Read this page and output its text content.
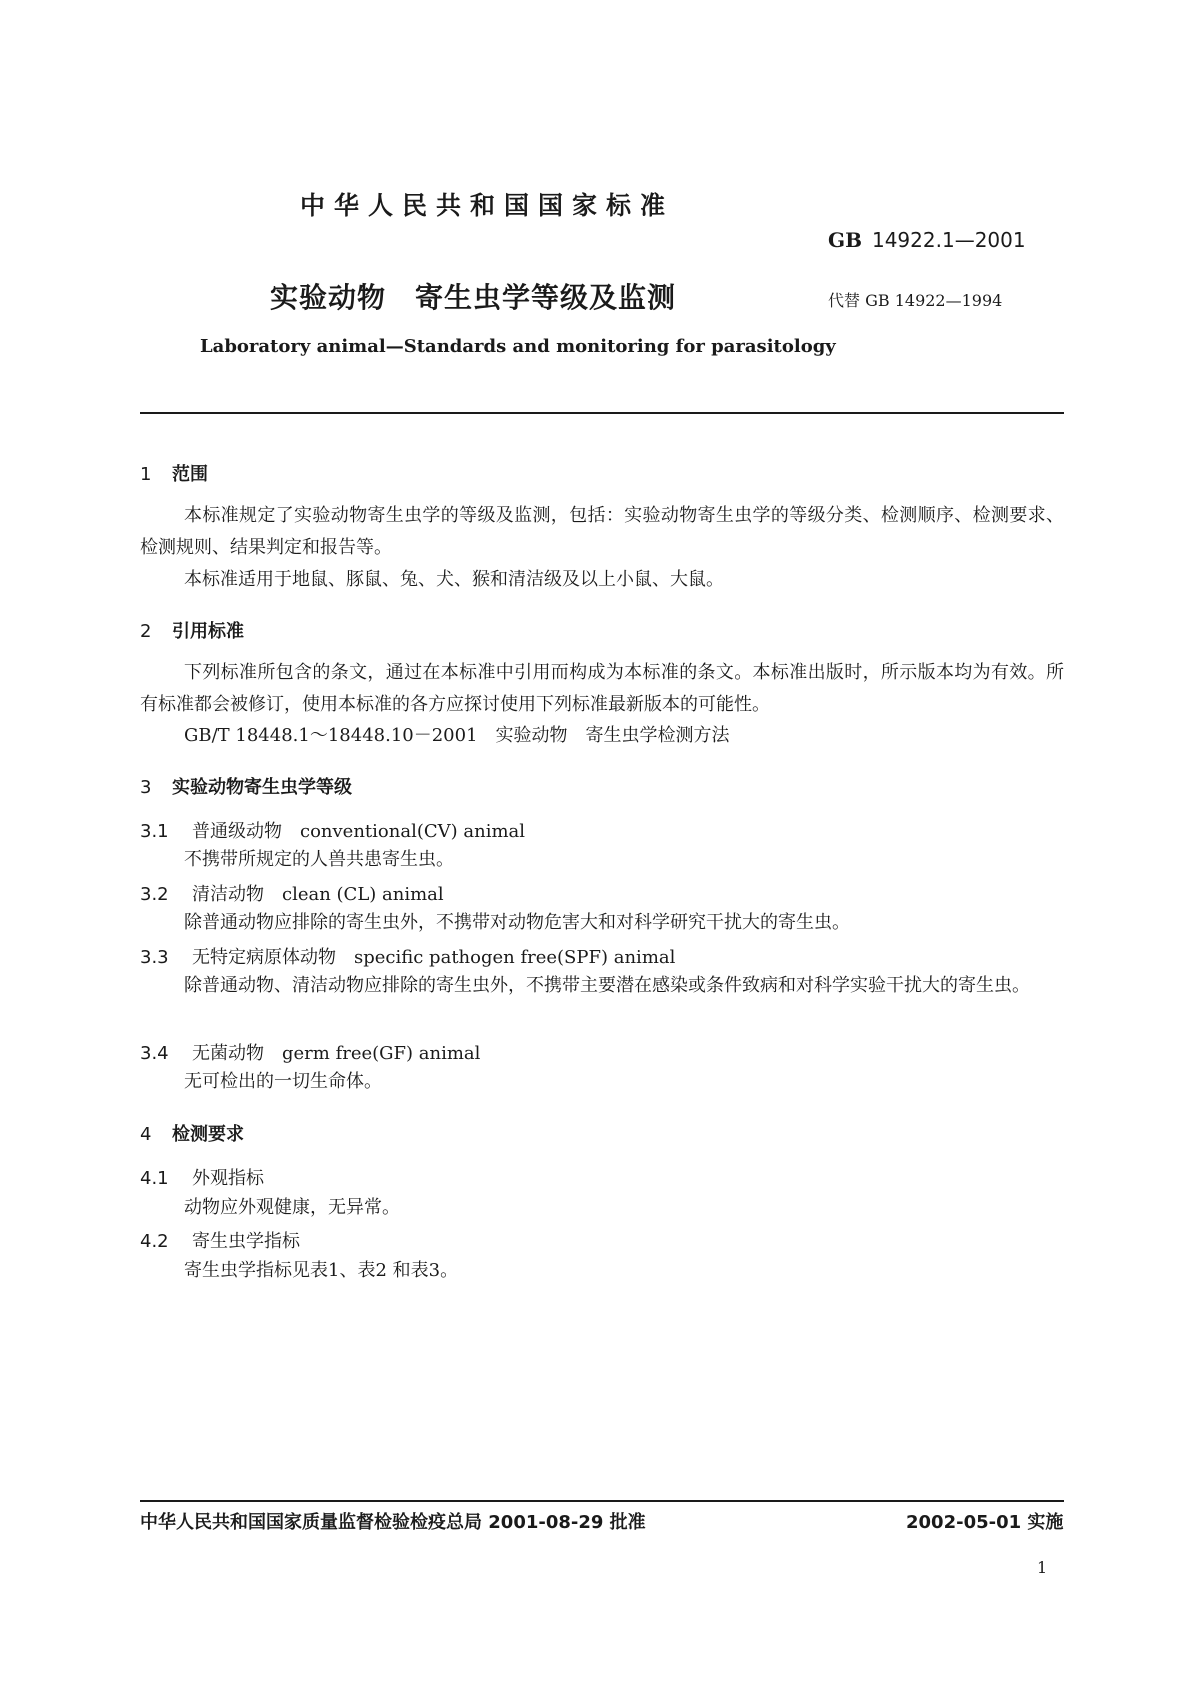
中华人民共和国国家标准
GB 14922.1—2001
实验动物　寄生虫学等级及监测	代替 GB 14922—1994
Laboratory animal—Standards and monitoring for parasitology
1 范围
本标准规定了实验动物寄生虫学的等级及监测，包括：实验动物寄生虫学的等级分类、检测顺序、检测要求、检测规则、结果判定和报告等。
本标准适用于地鼠、豚鼠、兔、犬、猴和清洁级及以上小鼠、大鼠。
2 引用标准
下列标准所包含的条文，通过在本标准中引用而构成为本标准的条文。本标准出版时，所示版本均为有效。所有标准都会被修订，使用本标准的各方应探讨使用下列标准最新版本的可能性。
GB/T 18448.1～18448.10－2001　实验动物　寄生虫学检测方法
3 实验动物寄生虫学等级
3.1 普通级动物 conventional(CV) animal
不携带所规定的人兽共患寄生虫。
3.2 清洁动物 clean (CL) animal
除普通动物应排除的寄生虫外，不携带对动物危害大和对科学研究干扰大的寄生虫。
3.3 无特定病原体动物 specific pathogen free(SPF) animal
除普通动物、清洁动物应排除的寄生虫外，不携带主要潜在感染或条件致病和对科学实验干扰大的寄生虫。
3.4 无菌动物 germ free(GF) animal
无可检出的一切生命体。
4 检测要求
4.1 外观指标
动物应外观健康，无异常。
4.2 寄生虫学指标
寄生虫学指标见表1、表2 和表3。
中华人民共和国国家质量监督检验检疫总局 2001-08-29 批准	2002-05-01 实施
1
